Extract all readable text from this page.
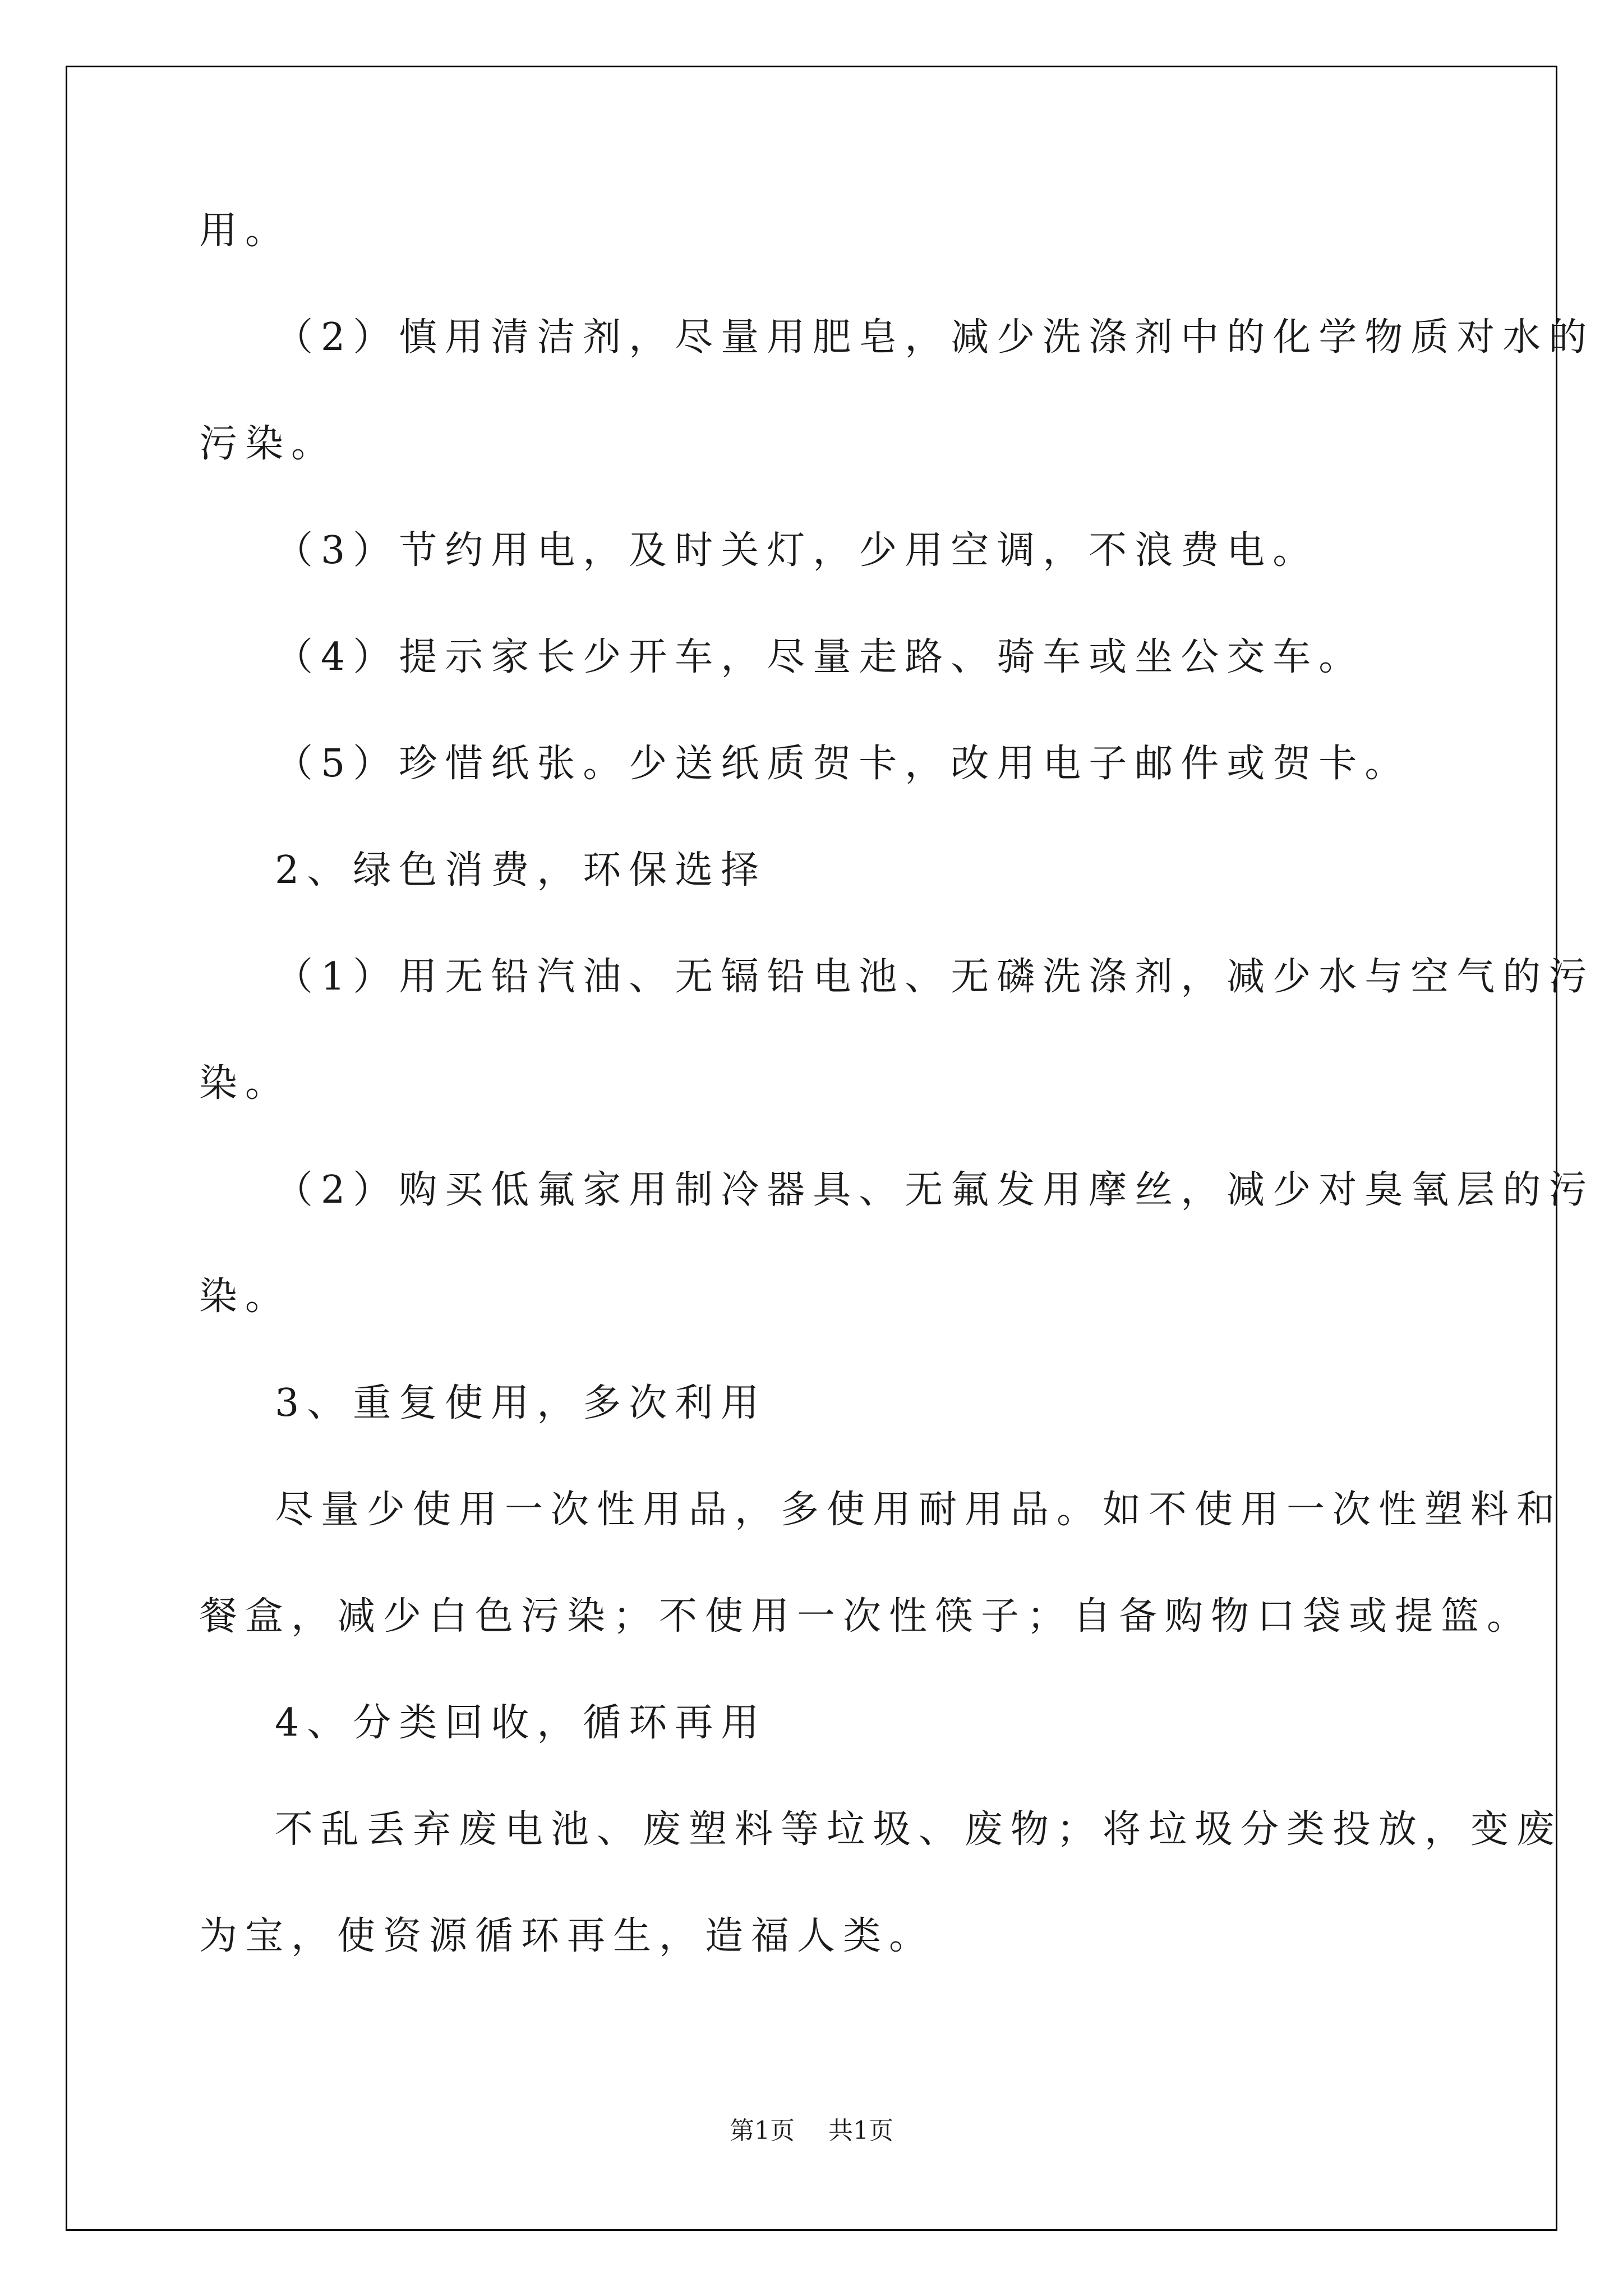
用。
（2）慎用清洁剂，尽量用肥皂，减少洗涤剂中的化学物质对水的
污染。
（3）节约用电，及时关灯，少用空调，不浪费电。
（4）提示家长少开车，尽量走路、骑车或坐公交车。
（5）珍惜纸张。少送纸质贺卡，改用电子邮件或贺卡。
2、绿色消费，环保选择
（1）用无铅汽油、无镉铅电池、无磷洗涤剂，减少水与空气的污
染。
（2）购买低氟家用制冷器具、无氟发用摩丝，减少对臭氧层的污
染。
3、重复使用，多次利用
尽量少使用一次性用品，多使用耐用品。如不使用一次性塑料和
餐盒，减少白色污染；不使用一次性筷子；自备购物口袋或提篮。
4、分类回收，循环再用
不乱丢弃废电池、废塑料等垃圾、废物；将垃圾分类投放，变废
为宝，使资源循环再生，造福人类。
第1页 共1页
